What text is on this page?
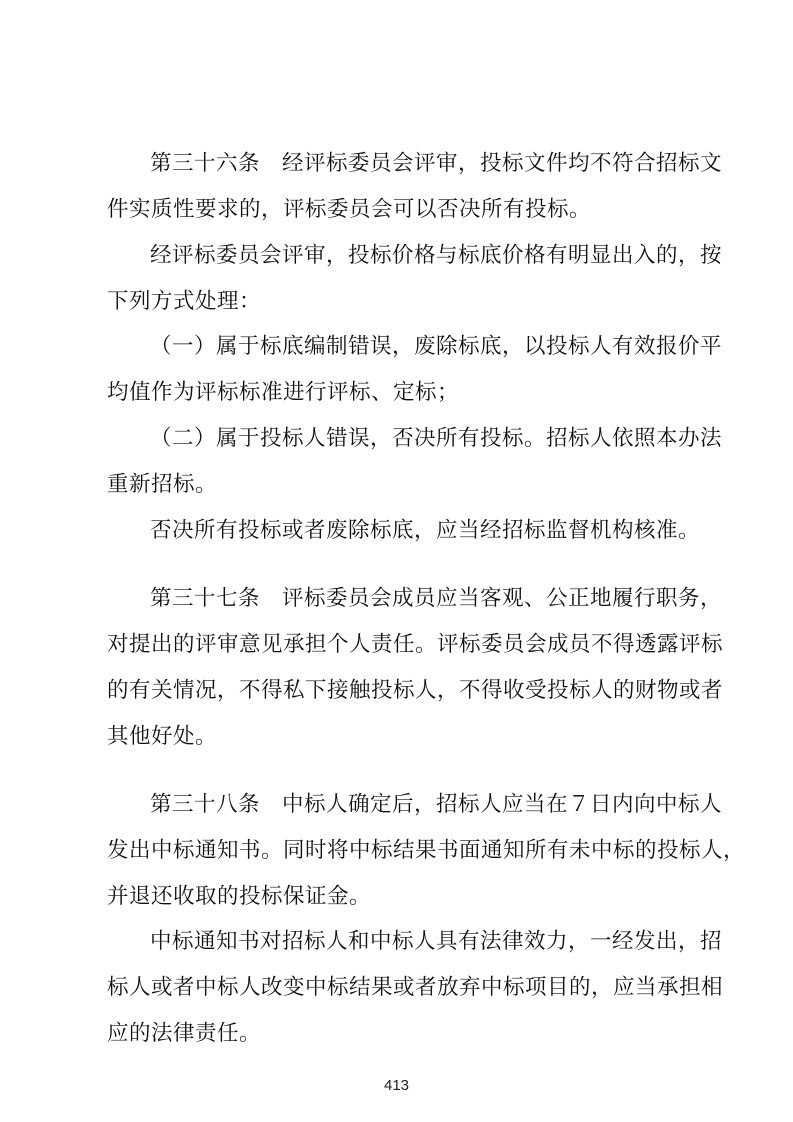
第三十六条　经评标委员会评审，投标文件均不符合招标文
件实质性要求的，评标委员会可以否决所有投标。
经评标委员会评审，投标价格与标底价格有明显出入的，按
下列方式处理：
（一）属于标底编制错误，废除标底，以投标人有效报价平
均值作为评标标准进行评标、定标；
（二）属于投标人错误，否决所有投标。招标人依照本办法
重新招标。
否决所有投标或者废除标底，应当经招标监督机构核准。
第三十七条　评标委员会成员应当客观、公正地履行职务，
对提出的评审意见承担个人责任。评标委员会成员不得透露评标
的有关情况，不得私下接触投标人，不得收受投标人的财物或者
其他好处。
第三十八条　中标人确定后，招标人应当在７日内向中标人
发出中标通知书。同时将中标结果书面通知所有未中标的投标人，
并退还收取的投标保证金。
中标通知书对招标人和中标人具有法律效力，一经发出，招
标人或者中标人改变中标结果或者放弃中标项目的，应当承担相
应的法律责任。
413
